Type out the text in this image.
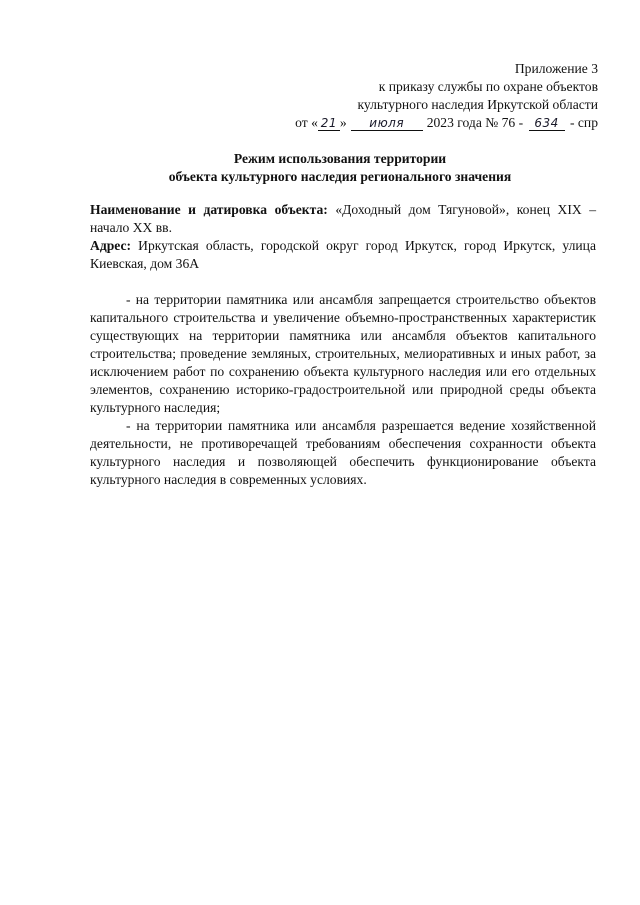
Приложение 3
к приказу службы по охране объектов
культурного наследия Иркутской области
от « 21 » июля 2023 года № 76 - 634 - спр
Режим использования территории
объекта культурного наследия регионального значения

Наименование и датировка объекта: «Доходный дом Тягуновой», конец XIX – начало XX вв.

Адрес: Иркутская область, городской округ город Иркутск, город Иркутск, улица Киевская, дом 36А

- на территории памятника или ансамбля запрещается строительство объектов капитального строительства и увеличение объемно-пространственных характеристик существующих на территории памятника или ансамбля объектов капитального строительства; проведение земляных, строительных, мелиоративных и иных работ, за исключением работ по сохранению объекта культурного наследия или его отдельных элементов, сохранению историко-градостроительной или природной среды объекта культурного наследия;

- на территории памятника или ансамбля разрешается ведение хозяйственной деятельности, не противоречащей требованиям обеспечения сохранности объекта культурного наследия и позволяющей обеспечить функционирование объекта культурного наследия в современных условиях.
